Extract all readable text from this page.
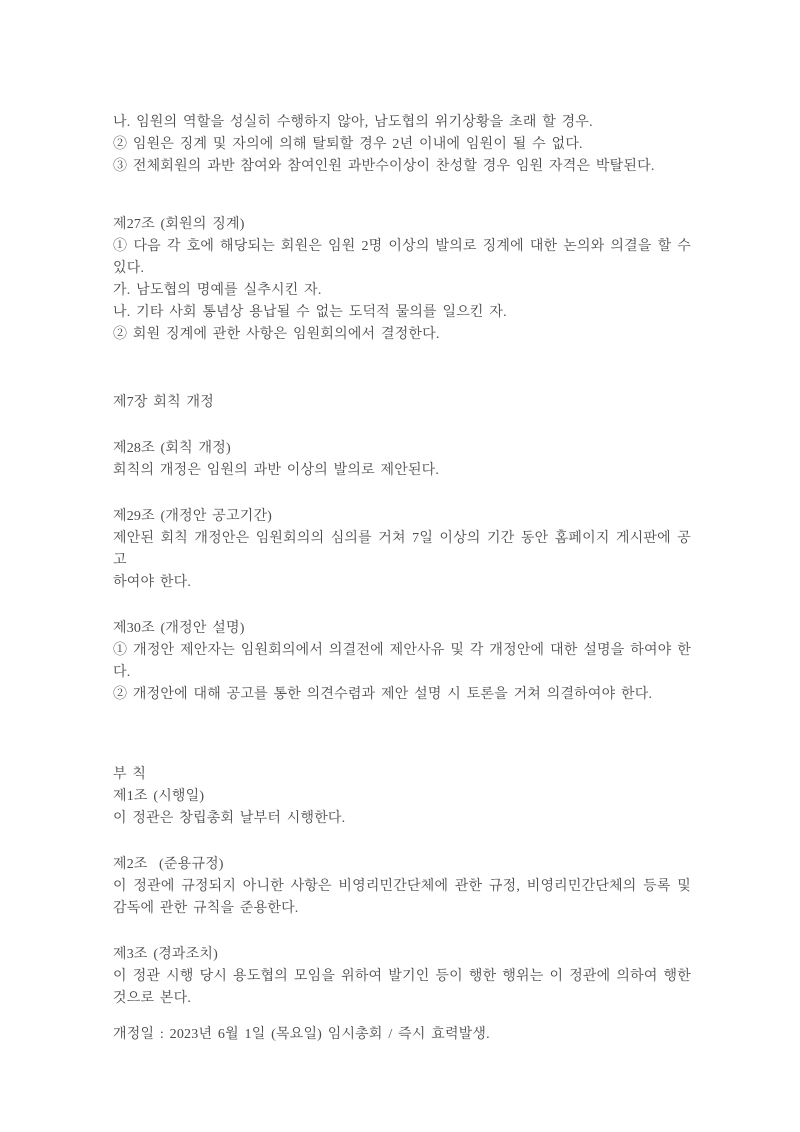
나. 임원의 역할을 성실히 수행하지 않아, 남도협의 위기상황을 초래 할 경우.
② 임원은 징계 및 자의에 의해 탈퇴할 경우 2년 이내에 임원이 될 수 없다.
③ 전체회원의 과반 참여와 참여인원 과반수이상이 찬성할 경우 임원 자격은 박탈된다.
제27조 (회원의 징계)
① 다음 각 호에 해당되는 회원은 임원 2명 이상의 발의로 징계에 대한 논의와 의결을 할 수
있다.
가. 남도협의 명예를 실추시킨 자.
나. 기타 사회 통념상 용납될 수 없는 도덕적 물의를 일으킨 자.
② 회원 징계에 관한 사항은 임원회의에서 결정한다.
제7장 회칙 개정
제28조 (회칙 개정)
회칙의 개정은 임원의 과반 이상의 발의로 제안된다.
제29조 (개정안 공고기간)
제안된 회칙 개정안은 임원회의의 심의를 거쳐 7일 이상의 기간 동안 홈페이지 게시판에 공고
하여야 한다.
제30조 (개정안 설명)
① 개정안 제안자는 임원회의에서 의결전에 제안사유 및 각 개정안에 대한 설명을 하여야 한
다.
② 개정안에 대해 공고를 통한 의견수렴과 제안 설명 시 토론을 거쳐 의결하여야 한다.
부 칙
제1조 (시행일)
이 정관은 창립총회 날부터 시행한다.
제2조  (준용규정)
이 정관에 규정되지 아니한 사항은 비영리민간단체에 관한 규정, 비영리민간단체의 등록 및
감독에 관한 규칙을 준용한다.
제3조 (경과조치)
이 정관 시행 당시 용도협의 모임을 위하여 발기인 등이 행한 행위는 이 정관에 의하여 행한
것으로 본다.
개정일 : 2023년 6월 1일 (목요일) 임시총회 / 즉시 효력발생.
